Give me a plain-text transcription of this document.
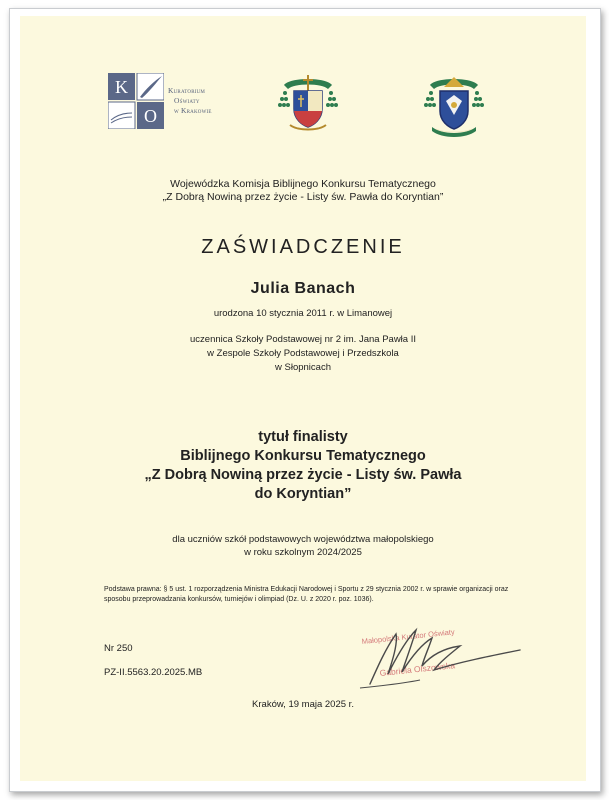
K
O
Kuratorium
Oświaty
w Krakowie
Wojewódzka Komisja Biblijnego Konkursu Tematycznego
„Z Dobrą Nowiną przez życie - Listy św. Pawła do Koryntian”
ZAŚWIADCZENIE
Julia Banach
urodzona 10 stycznia 2011 r. w Limanowej
uczennica Szkoły Podstawowej nr 2 im. Jana Pawła II
w Zespole Szkoły Podstawowej i Przedszkola
w Słopnicach
tytuł finalisty
Biblijnego Konkursu Tematycznego
„Z Dobrą Nowiną przez życie - Listy św. Pawła
do Koryntian”
dla uczniów szkół podstawowych województwa małopolskiego
w roku szkolnym 2024/2025
Podstawa prawna: § 5 ust. 1 rozporządzenia Ministra Edukacji Narodowej i Sportu z 29 stycznia 2002 r. w sprawie organizacji oraz sposobu przeprowadzania konkursów, turniejów i olimpiad (Dz. U. z 2020 r. poz. 1036).
Nr 250
PZ-II.5563.20.2025.MB
Małopolska Kurator Oświaty
Gabriela Olszowska
Kraków, 19 maja 2025 r.
